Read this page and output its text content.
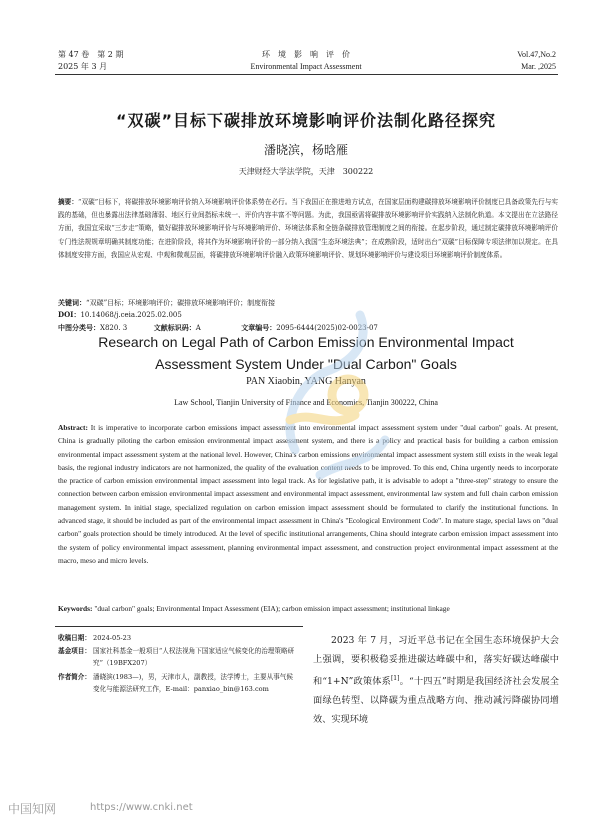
第 47 卷　第 2 期
2025 年 3 月
环　境　影　响　评　价
Environmental Impact Assessment
Vol.47,No.2
Mar. ,2025
“双碳”目标下碳排放环境影响评价法制化路径探究
潘晓滨，杨晗雁
天津财经大学法学院，天津　300222
摘要：“双碳”目标下，将碳排放环境影响评价纳入环境影响评价体系势在必行。当下我国正在推进地方试点，在国家层面构建碳排放环境影响评价制度已具备政策先行与实践的基础，但也暴露出法律基础薄弱、地区行业间指标未统一、评价内容丰富不等问题。为此，我国亟需将碳排放环境影响评价实践纳入法制化轨道。本文提出在立法路径方面，我国宜采取“三步走”策略，做好碳排放环境影响评价与环境影响评价、环境法体系和全链条碳排放管理制度之间的衔接。在起步阶段，通过制定碳排放环境影响评价专门性法规规章明确其制度功能；在进阶阶段，将其作为环境影响评价的一部分纳入我国“生态环境法典”；在成熟阶段，适时出台“双碳”目标保障专项法律加以规定。在具体制度安排方面，我国应从宏观、中观和微观层面，将碳排放环境影响评价融入政策环境影响评价、规划环境影响评价与建设项目环境影响评价制度体系。
关键词：“双碳”目标；环境影响评价；碳排放环境影响评价；制度衔接
DOI：10.14068/j.ceia.2025.02.005
中图分类号：X820. 3	文献标识码：A	文章编号：2095-6444(2025)02-0023-07
Research on Legal Path of Carbon Emission Environmental Impact
Assessment System Under "Dual Carbon" Goals
PAN Xiaobin, YANG Hanyan
Law School, Tianjin University of Finance and Economics, Tianjin 300222, China
Abstract: It is imperative to incorporate carbon emissions impact assessment into environmental impact assessment system under "dual carbon" goals. At present, China is gradually piloting the carbon emission environmental impact assessment system, and there is a policy and practical basis for building a carbon emission environmental impact assessment system at the national level. However, China's carbon emissions environmental impact assessment system still exists in the weak legal basis, the regional industry indicators are not harmonized, the quality of the evaluation content needs to be improved. To this end, China urgently needs to incorporate the practice of carbon emission environmental impact assessment into legal track. As for legislative path, it is advisable to adopt a "three-step" strategy to ensure the connection between carbon emission environmental impact assessment and environmental impact assessment, environmental law system and full chain carbon emission management system. In initial stage, specialized regulation on carbon emission impact assessment should be formulated to clarify the institutional functions. In advanced stage, it should be included as part of the environmental impact assessment in China's "Ecological Environment Code". In mature stage, special laws on "dual carbon" goals protection should be timely introduced. At the level of specific institutional arrangements, China should integrate carbon emission impact assessment into the system of policy environmental impact assessment, planning environmental impact assessment, and construction project environmental impact assessment at the macro, meso and micro levels.
Keywords: "dual carbon" goals; Environmental Impact Assessment (EIA); carbon emission impact assessment; institutional linkage
收稿日期： 2024-05-23
基金项目： 国家社科基金一般项目“人权法视角下国家适应气候变化的治理策略研究”（19BFX207）
作者简介： 潘晓滨(1983—)，男，天津市人，副教授，法学博士，主要从事气候变化与能源法研究工作，E-mail：panxiao_bin@163.com
2023 年 7 月，习近平总书记在全国生态环境保护大会上强调，要积极稳妥推进碳达峰碳中和，落实好碳达峰碳中和“1+N”政策体系[1]。“十四五”时期是我国经济社会发展全面绿色转型、以降碳为重点战略方向、推动减污降碳协同增效、实现环境
中国知网	https://www.cnki.net
